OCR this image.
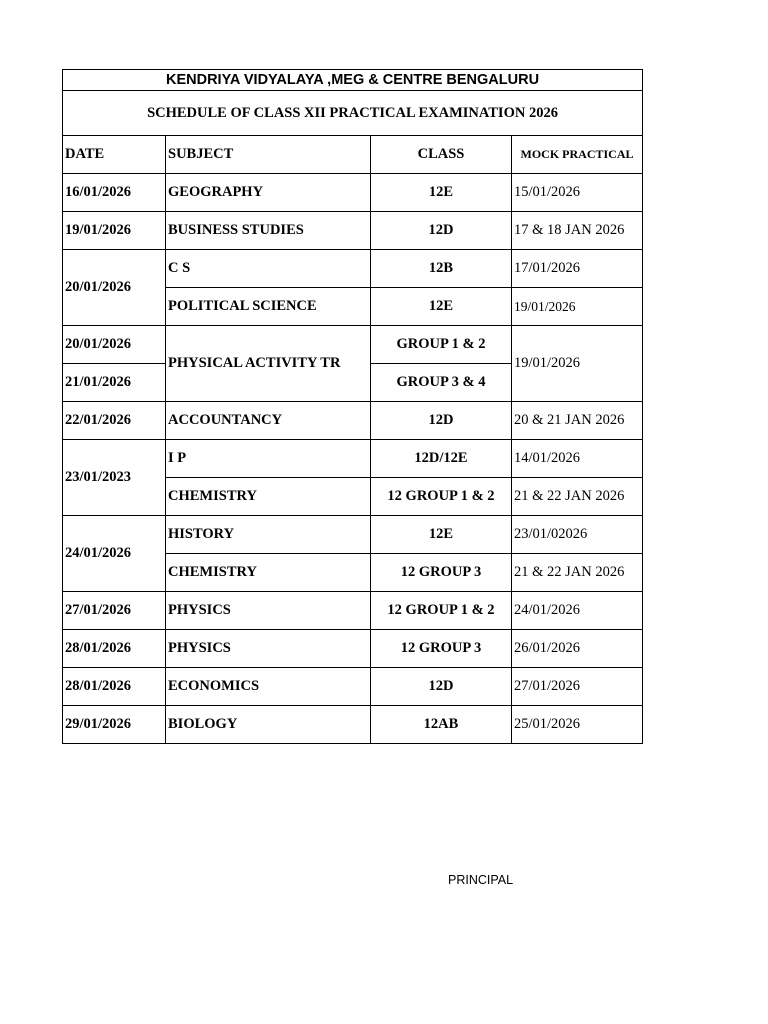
KENDRIYA VIDYALAYA ,MEG & CENTRE BENGALURU			
SCHEDULE OF CLASS XII PRACTICAL EXAMINATION 2026			
DATE	SUBJECT	CLASS	MOCK PRACTICAL
16/01/2026	GEOGRAPHY	12E	15/01/2026
19/01/2026	BUSINESS STUDIES	12D	17 & 18 JAN 2026
20/01/2026	C S	12B	17/01/2026
	POLITICAL SCIENCE	12E	19/01/2026
20/01/2026	PHYSICAL ACTIVITY TR	GROUP 1 & 2	19/01/2026
21/01/2026		GROUP 3 & 4	
22/01/2026	ACCOUNTANCY	12D	20 & 21 JAN 2026
23/01/2023	I P	12D/12E	14/01/2026
	CHEMISTRY	12 GROUP 1 & 2	21 & 22 JAN 2026
24/01/2026	HISTORY	12E	23/01/02026
	CHEMISTRY	12 GROUP 3	21 & 22 JAN 2026
27/01/2026	PHYSICS	12 GROUP 1 & 2	24/01/2026
28/01/2026	PHYSICS	12 GROUP 3	26/01/2026
28/01/2026	ECONOMICS	12D	27/01/2026
29/01/2026	BIOLOGY	12AB	25/01/2026
PRINCIPAL
